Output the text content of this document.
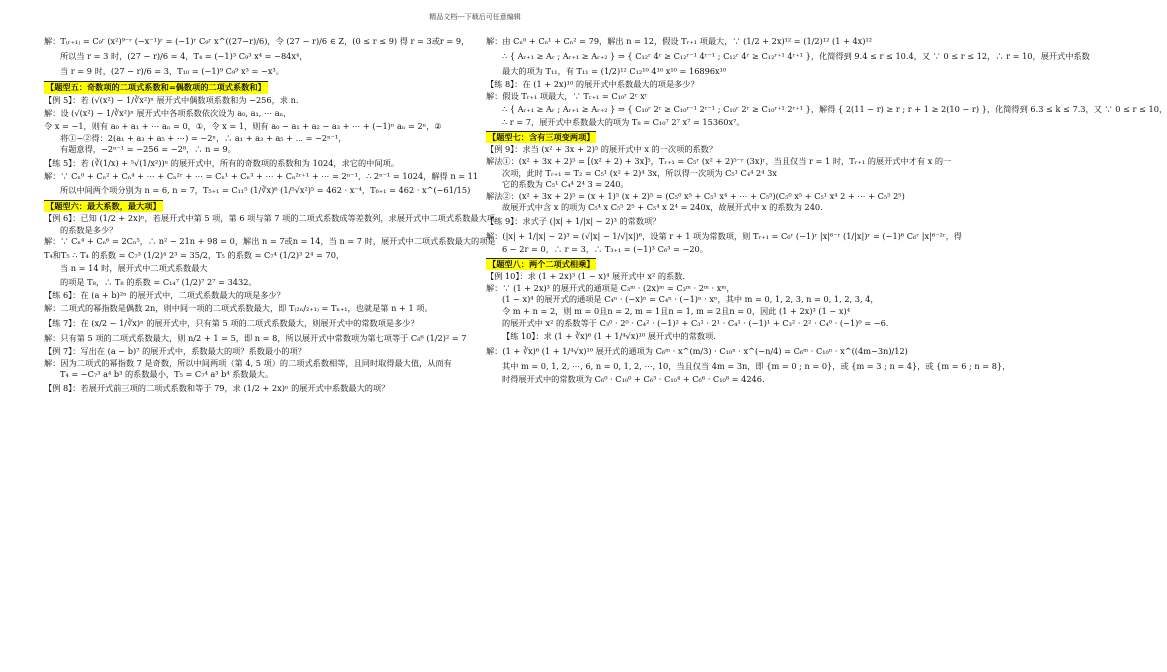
精品文档---下载后可任意编辑
解：T₍ᵣ₊₁₎ = C₉ʳ (x²)⁹⁻ʳ (−x⁻¹)ʳ = (−1)ʳ C₉ʳ x^((27−r)/6)，令 (27 − r)/6 ∈ Z，(0 ≤ r ≤ 9) 得 r = 3或r = 9，
所以当 r = 3 时，(27 − r)/6 = 4，T₄ = (−1)³ C₉³ x⁴ = −84x⁴，
当 r = 9 时，(27 − r)/6 = 3，T₁₀ = (−1)⁹ C₉⁹ x³ = −x³。
【题型五：奇数项的二项式系数和=偶数项的二项式系数和】
【例 5】：若 (√(x²) − 1/∛x²)ⁿ 展开式中偶数项系数和为 −256，求 n.
解：设 (√(x²) − 1/∛x²)ⁿ 展开式中各项系数依次设为 a₀, a₁, ⋯ aₙ，
令 x = −1，则有 a₀ + a₁ + ⋯ aₙ = 0，①，令 x = 1，则有 a₀ − a₁ + a₂ − a₃ + ⋯ + (−1)ⁿ aₙ = 2ⁿ，②
将①−②得：2(a₁ + a₃ + a₅ + ⋯) = −2ⁿ，∴ a₁ + a₃ + a₅ + ⋯ = −2ⁿ⁻¹，
有题意得，−2ⁿ⁻¹ = −256 = −2⁸，∴ n = 9。
【练 5】：若 (∛(1/x) + ⁵√(1/x²))ⁿ 的展开式中，所有的奇数项的系数和为 1024，求它的中间项。
解：∵ Cₙ⁰ + Cₙ² + Cₙ⁴ + ⋯ + Cₙ²ʳ + ⋯ = Cₙ¹ + Cₙ³ + ⋯ + Cₙ²ʳ⁺¹ + ⋯ = 2ⁿ⁻¹，∴ 2ⁿ⁻¹ = 1024，解得 n = 11
所以中间两个项分别为 n = 6, n = 7，T₅₊₁ = C₁₁⁵ (1/∛x)⁶ (1/⁵√x²)⁵ = 462 · x⁻⁴，T₆₊₁ = 462 · x^(−61/15)
【题型六：最大系数，最大项】
【例 6】：已知 (1/2 + 2x)ⁿ，若展开式中第 5 项，第 6 项与第 7 项的二项式系数成等差数列，求展开式中二项式系数最大项
的系数是多少？
解：∵ Cₙ⁴ + Cₙ⁶ = 2Cₙ⁵，∴ n² − 21n + 98 = 0，解出 n = 7或n = 14，当 n = 7 时，展开式中二项式系数最大的项是
T₄和T₅ ∴ T₄ 的系数 = C₇³ (1/2)⁴ 2³ = 35/2，T₅ 的系数 = C₇⁴ (1/2)³ 2⁴ = 70，
当 n = 14 时，展开式中二项式系数最大
的项是 T₈，∴ T₈ 的系数 = C₁₄⁷ (1/2)⁷ 2⁷ = 3432。
【练 6】：在 (a + b)²ⁿ 的展开式中，二项式系数最大的项是多少？
解：二项式的幂指数是偶数 2n，则中间一项的二项式系数最大，即 T₍₂ₙ/₂₊₁₎ = Tₙ₊₁，也就是第 n + 1 项。
【练 7】：在 (x/2 − 1/∛x)ⁿ 的展开式中，只有第 5 项的二项式系数最大，则展开式中的常数项是多少？
解：只有第 5 项的二项式系数最大，则 n/2 + 1 = 5，即 n = 8，所以展开式中常数项为第七项等于 C₈⁶ (1/2)² = 7
【例 7】：写出在 (a − b)⁷ 的展开式中，系数最大的项？系数最小的项？
解：因为二项式的幂指数 7 是奇数，所以中间两项（第 4, 5 项）的二项式系数相等，且同时取得最大值，从而有
T₄ = −C₇³ a⁴ b³ 的系数最小，T₅ = C₇⁴ a³ b⁴ 系数最大。
【例 8】：若展开式前三项的二项式系数和等于 79，求 (1/2 + 2x)ⁿ 的展开式中系数最大的项？
解：由 Cₙ⁰ + Cₙ¹ + Cₙ² = 79，解出 n = 12，假设 Tᵣ₊₁ 项最大，∵ (1/2 + 2x)¹² = (1/2)¹² (1 + 4x)¹²
∴ { Aᵣ₊₁ ≥ Aᵣ ; Aᵣ₊₁ ≥ Aᵣ₊₂ } ⇒ { C₁₂ʳ 4ʳ ≥ C₁₂ʳ⁻¹ 4ʳ⁻¹ ; C₁₂ʳ 4ʳ ≥ C₁₂ʳ⁺¹ 4ʳ⁺¹ }，化简得到 9.4 ≤ r ≤ 10.4，又 ∵ 0 ≤ r ≤ 12，∴ r = 10，展开式中系数
最大的项为 T₁₁，有 T₁₁ = (1/2)¹² C₁₂¹⁰ 4¹⁰ x¹⁰ = 16896x¹⁰
【练 8】：在 (1 + 2x)¹⁰ 的展开式中系数最大的项是多少？
解：假设 Tᵣ₊₁ 项最大，∵ Tᵣ₊₁ = C₁₀ʳ 2ʳ xʳ
∴ { Aᵣ₊₁ ≥ Aᵣ ; Aᵣ₊₁ ≥ Aᵣ₊₂ } ⇒ { C₁₀ʳ 2ʳ ≥ C₁₀ʳ⁻¹ 2ʳ⁻¹ ; C₁₀ʳ 2ʳ ≥ C₁₀ʳ⁺¹ 2ʳ⁺¹ }，解得 { 2(11 − r) ≥ r ; r + 1 ≥ 2(10 − r) }，化简得到 6.3 ≤ k ≤ 7.3，又 ∵ 0 ≤ r ≤ 10，
∴ r = 7，展开式中系数最大的项为 T₈ = C₁₀⁷ 2⁷ x⁷ = 15360x⁷。
【题型七：含有三项变两项】
【例 9】：求当 (x² + 3x + 2)⁵ 的展开式中 x 的一次项的系数？
解法①：(x² + 3x + 2)⁵ = [(x² + 2) + 3x]⁵，Tᵣ₊₁ = C₅ʳ (x² + 2)⁵⁻ʳ (3x)ʳ，当且仅当 r = 1 时，Tᵣ₊₁ 的展开式中才有 x 的一
次项，此时 Tᵣ₊₁ = T₂ = C₅¹ (x² + 2)⁴ 3x，所以得一次项为 C₅¹ C₄⁴ 2⁴ 3x
它的系数为 C₅¹ C₄⁴ 2⁴ 3 = 240。
解法②：(x² + 3x + 2)⁵ = (x + 1)⁵ (x + 2)⁵ = (C₅⁰ x⁵ + C₅¹ x⁴ + ⋯ + C₅⁵)(C₅⁰ x⁵ + C₅¹ x⁴ 2 + ⋯ + C₅⁵ 2⁵)
故展开式中含 x 的项为 C₅⁴ x C₅⁵ 2⁵ + C₅⁴ x 2⁴ = 240x，故展开式中 x 的系数为 240.
【练 9】：求式子 (|x| + 1/|x| − 2)³ 的常数项？
解：(|x| + 1/|x| − 2)³ = (√|x| − 1/√|x|)⁶，设第 r + 1 项为常数项，则 Tᵣ₊₁ = C₆ʳ (−1)ʳ |x|⁶⁻ʳ (1/|x|)ʳ = (−1)⁶ C₆ʳ |x|⁶⁻²ʳ，得
6 − 2r = 0，∴ r = 3，∴ T₃₊₁ = (−1)³ C₆³ = −20。
【题型八：两个二项式相乘】
【例 10】：求 (1 + 2x)³ (1 − x)⁴ 展开式中 x² 的系数.
解：∵ (1 + 2x)³ 的展开式的通项是 C₃ᵐ · (2x)ᵐ = C₃ᵐ · 2ᵐ · xᵐ，
(1 − x)⁴ 的展开式的通项是 C₄ⁿ · (−x)ⁿ = C₄ⁿ · (−1)ⁿ · xⁿ，其中 m = 0, 1, 2, 3, n = 0, 1, 2, 3, 4，
令 m + n = 2，则 m = 0且n = 2, m = 1且n = 1, m = 2且n = 0，因此 (1 + 2x)³ (1 − x)⁴
的展开式中 x² 的系数等于 C₃⁰ · 2⁰ · C₄² · (−1)² + C₃¹ · 2¹ · C₄¹ · (−1)¹ + C₃² · 2² · C₄⁰ · (−1)⁰ = −6.
【练 10】：求 (1 + ∛x)⁶ (1 + 1/⁴√x)¹⁰ 展开式中的常数项.
解：(1 + ∛x)⁶ (1 + 1/⁴√x)¹⁰ 展开式的通项为 C₆ᵐ · x^(m/3) · C₁₀ⁿ · x^(−n/4) = C₆ᵐ · C₁₀ⁿ · x^((4m−3n)/12)
其中 m = 0, 1, 2, ⋯, 6, n = 0, 1, 2, ⋯, 10，当且仅当 4m = 3n，即 {m = 0 ; n = 0}，或 {m = 3 ; n = 4}，或 {m = 6 ; n = 8}，
时得展开式中的常数项为 C₆⁰ · C₁₀⁰ + C₆³ · C₁₀⁴ + C₆⁶ · C₁₀⁸ = 4246.
